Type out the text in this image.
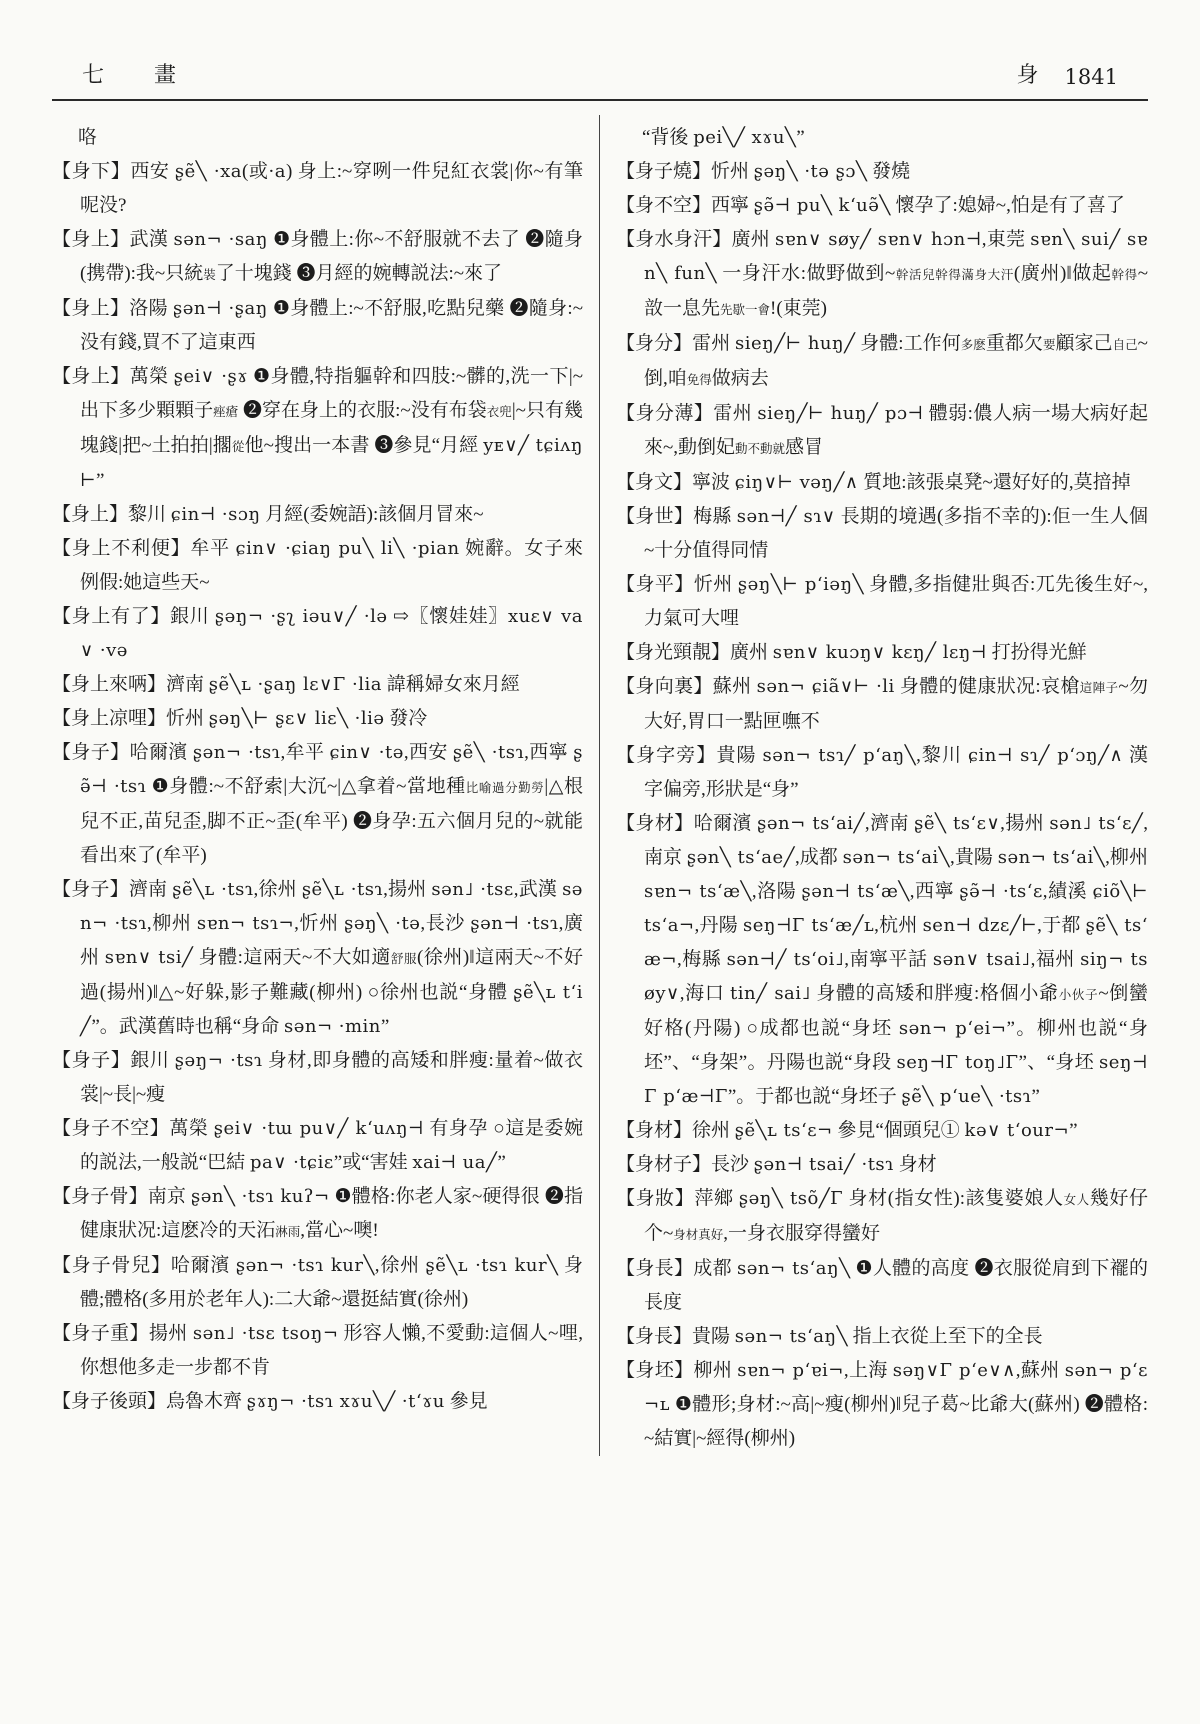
七　畫	身 1841
咯
【身下】西安 ʂẽ╲ ·xa(或·a) 身上:~穿咧一件兒紅衣裳|你~有筆呢没?
【身上】武漢 sən¬ ·saŋ ❶身體上:你~不舒服就不去了 ❷隨身(携帶):我~只統裝了十塊錢 ❸月經的婉轉説法:~來了
【身上】洛陽 ʂən⊣ ·ʂaŋ ❶身體上:~不舒服,吃點兒藥 ❷隨身:~没有錢,買不了這東西
【身上】萬榮 ʂei∨ ·ʂɤ ❶身體,特指軀幹和四肢:~髒的,洗一下|~出下多少顆顆子痤瘡 ❷穿在身上的衣服:~没有布袋衣兜|~只有幾塊錢|把~土拍拍|擱從他~搜出一本書 ❸參見“月經 yᴇ∨╱ tɕiʌŋ⊢”
【身上】黎川 ɕin⊣ ·sɔŋ 月經(委婉語):該個月冒來~
【身上不利便】牟平 ɕin∨ ·ɕiaŋ pu╲ li╲ ·pian 婉辭。女子來例假:她這些天~
【身上有了】銀川 ʂəŋ¬ ·ʂʅ iəu∨╱ ·lə ⇨〖懷娃娃〗xuɛ∨ va∨ ·və
【身上來唡】濟南 ʂẽ╲ʟ ·ʂaŋ lɛ∨Γ ·lia 諱稱婦女來月經
【身上凉哩】忻州 ʂəŋ╲⊢ ʂɛ∨ liɛ╲ ·liə 發冷
【身子】哈爾濱 ʂən¬ ·tsɿ,牟平 ɕin∨ ·tə,西安 ʂẽ╲ ·tsɿ,西寧 ʂə̃⊣ ·tsɿ ❶身體:~不舒索|大沉~|△拿着~當地種比喻過分勤勞|△根兒不正,苗兒歪,脚不正~歪(牟平) ❷身孕:五六個月兒的~就能看出來了(牟平)
【身子】濟南 ʂẽ╲ʟ ·tsɿ,徐州 ʂẽ╲ʟ ·tsɿ,揚州 sən˩ ·tsɛ,武漢 sən¬ ·tsɿ,柳州 sɐn¬ tsɿ¬,忻州 ʂəŋ╲ ·tə,長沙 ʂən⊣ ·tsɿ,廣州 sɐn∨ tsi╱ 身體:這兩天~不大如適舒服(徐州)‖這兩天~不好過(揚州)‖△~好躲,影子難藏(柳州) ○徐州也説“身體 ʂẽ╲ʟ tʻi╱”。武漢舊時也稱“身命 sən¬ ·min”
【身子】銀川 ʂəŋ¬ ·tsɿ 身材,即身體的高矮和胖瘦:量着~做衣裳|~長|~瘦
【身子不空】萬榮 ʂei∨ ·tɯ pu∨╱ kʻuʌŋ⊣ 有身孕 ○這是委婉的説法,一般説“巴結 pa∨ ·tɕiɛ”或“害娃 xai⊣ ua╱”
【身子骨】南京 ʂən╲ ·tsɿ kuʔ¬ ❶體格:你老人家~硬得很 ❷指健康狀况:這麽冷的天沰淋雨,當心~噢!
【身子骨兒】哈爾濱 ʂən¬ ·tsɿ kur╲,徐州 ʂẽ╲ʟ ·tsɿ kur╲ 身體;體格(多用於老年人):二大爺~還挺結實(徐州)
【身子重】揚州 sən˩ ·tsɛ tsoŋ¬ 形容人懶,不愛動:這個人~哩,你想他多走一步都不肯
【身子後頭】烏魯木齊 ʂɤŋ¬ ·tsɿ xɤu╲╱ ·tʻɤu 參見
“背後 pei╲╱ xɤu╲”
【身子燒】忻州 ʂəŋ╲ ·tə ʂɔ╲ 發燒
【身不空】西寧 ʂə̃⊣ pu╲ kʻuə̃╲ 懷孕了:媳婦~,怕是有了喜了
【身水身汗】廣州 sɐn∨ søy╱ sɐn∨ hɔn⊣,東莞 sɐn╲ sui╱ sɐn╲ fun╲ 一身汗水:做野做到~幹活兒幹得滿身大汗(廣州)‖做起幹得~敨一息先先歇一會!(東莞)
【身分】雷州 sieŋ╱⊢ huŋ╱ 身體:工作何多麽重都欠要顧家己自己~倒,咱免得做病去
【身分薄】雷州 sieŋ╱⊢ huŋ╱ pɔ⊣ 體弱:儂人病一場大病好起來~,動倒妃動不動就感冒
【身文】寧波 ɕiŋ∨⊢ vəŋ╱∧ 質地:該張桌凳~還好好的,莫揞掉
【身世】梅縣 sən⊣╱ sɿ∨ 長期的境遇(多指不幸的):佢一生人個~十分值得同情
【身平】忻州 ʂəŋ╲⊢ pʻiəŋ╲ 身體,多指健壯與否:兀先後生好~,力氣可大哩
【身光頸靚】廣州 sɐn∨ kuɔŋ∨ kɛŋ╱ lɛŋ⊣ 打扮得光鮮
【身向裏】蘇州 sən¬ ɕiã∨⊢ ·li 身體的健康狀况:哀槍這陣子~勿大好,胃口一點匣嘸不
【身字旁】貴陽 sən¬ tsɿ╱ pʻaŋ╲,黎川 ɕin⊣ sɿ╱ pʻɔŋ╱∧ 漢字偏旁,形狀是“身”
【身材】哈爾濱 ʂən¬ tsʻai╱,濟南 ʂẽ╲ tsʻɛ∨,揚州 sən˩ tsʻɛ╱,南京 ʂən╲ tsʻae╱,成都 sən¬ tsʻai╲,貴陽 sən¬ tsʻai╲,柳州 sɐn¬ tsʻæ╲,洛陽 ʂən⊣ tsʻæ╲,西寧 ʂə̃⊣ ·tsʻɛ,績溪 ɕiõ╲⊢ tsʻa¬,丹陽 seŋ⊣Γ tsʻæ╱ʟ,杭州 sen⊣ dzɛ╱⊢,于都 ʂẽ╲ tsʻæ¬,梅縣 sən⊣╱ tsʻoi˩,南寧平話 sən∨ tsai˩,福州 siŋ¬ tsøy∨,海口 tin╱ sai˩ 身體的高矮和胖瘦:格個小爺小伙子~倒蠻好格(丹陽) ○成都也説“身坯 sən¬ pʻei¬”。柳州也説“身坯”、“身架”。丹陽也説“身段 seŋ⊣Γ toŋ˩Γ”、“身坯 seŋ⊣Γ pʻæ⊣Γ”。于都也説“身坯子 ʂẽ╲ pʻue╲ ·tsɿ”
【身材】徐州 ʂẽ╲ʟ tsʻɛ¬ 參見“個頭兒① kə∨ tʻour¬”
【身材子】長沙 ʂən⊣ tsai╱ ·tsɿ 身材
【身妝】萍鄉 ʂəŋ╲ tsõ╱Γ 身材(指女性):該隻婆娘人女人幾好仔个~身材真好,一身衣服穿得蠻好
【身長】成都 sən¬ tsʻaŋ╲ ❶人體的高度 ❷衣服從肩到下襬的長度
【身長】貴陽 sən¬ tsʻaŋ╲ 指上衣從上至下的全長
【身坯】柳州 sɐn¬ pʻɐi¬,上海 səŋ∨Γ pʻe∨∧,蘇州 sən¬ pʻɛ¬ʟ ❶體形;身材:~高|~瘦(柳州)‖兒子葛~比爺大(蘇州) ❷體格:~結實|~經得(柳州)
